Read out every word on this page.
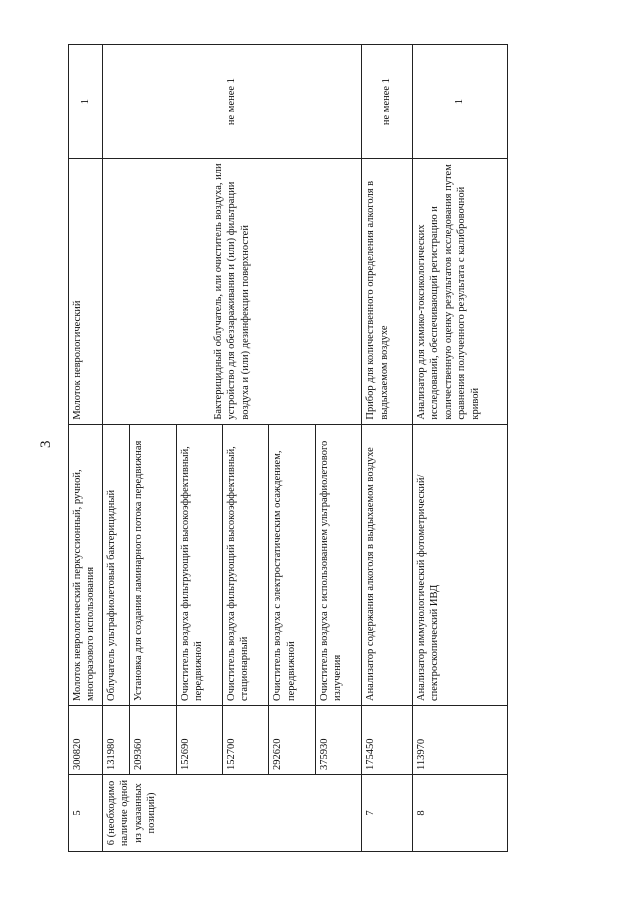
3
5	300820	Молоток неврологический перкуссионный, ручной, многоразового использования	Молоток неврологический	1
6 (необходимо наличие одной из указанных позиций)	131980	Облучатель ультрафиолетовый бактерицидный	Бактерицидный облучатель, или очиститель воздуха, или устройство для обеззараживания и (или) фильтрации воздуха и (или) дезинфекции поверхностей	не менее 1
	209360	Установка для создания ламинарного потока передвижная		
	152690	Очиститель воздуха фильтрующий высокоэффективный, передвижной		
	152700	Очиститель воздуха фильтрующий высокоэффективный, стационарный		
	292620	Очиститель воздуха с электростатическим осаждением, передвижной		
	375930	Очиститель воздуха с использованием ультрафиолетового излучения		
7	175450	Анализатор содержания алкоголя в выдыхаемом воздухе	Прибор для количественного определения алкоголя в выдыхаемом воздухе	не менее 1
8	113970	Анализатор иммунологический фотометрический/спектроскопический ИВД	Анализатор для химико-токсикологических исследований, обеспечивающий регистрацию и количественную оценку результатов исследования путем сравнения полученного результата с калибровочной кривой	1
